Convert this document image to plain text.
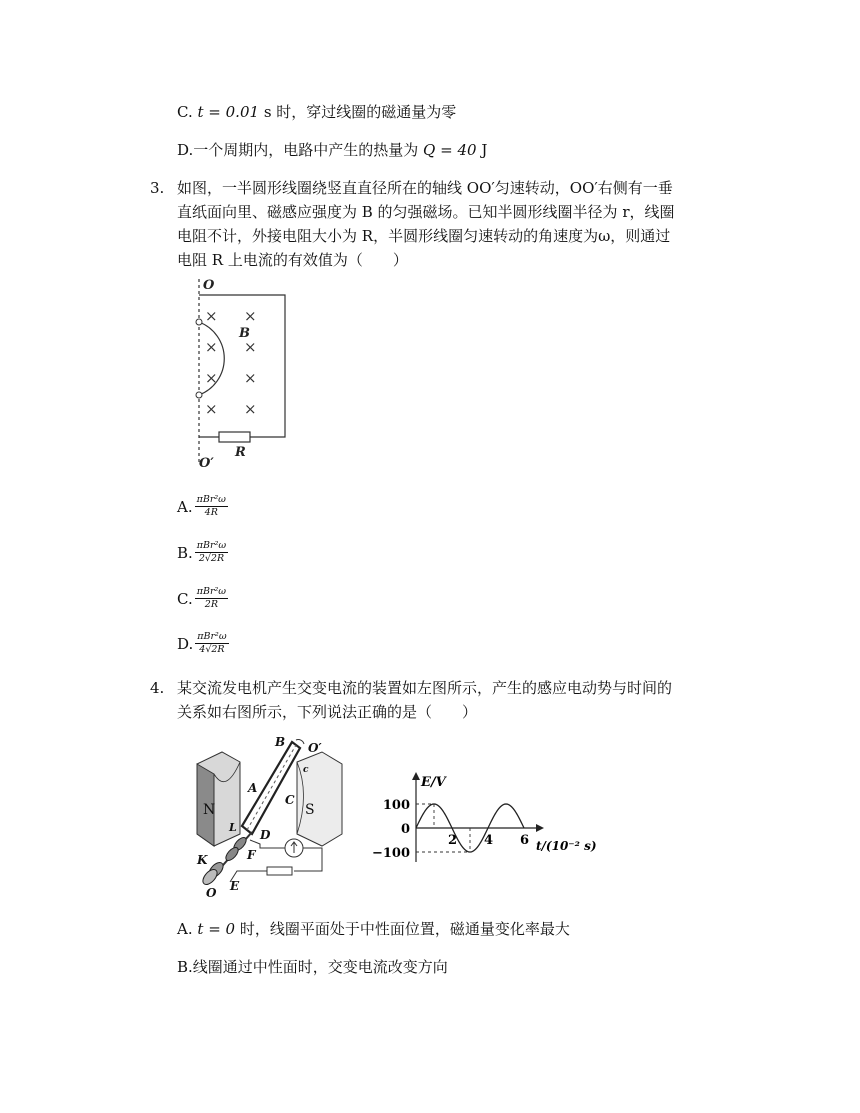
C. t = 0.01 s 时，穿过线圈的磁通量为零
D.一个周期内，电路中产生的热量为 Q = 40 J
3. 如图，一半圆形线圈绕竖直直径所在的轴线 OO′匀速转动，OO′右侧有一垂
直纸面向里、磁感应强度为 B 的匀强磁场。已知半圆形线圈半径为 r，线圈
电阻不计，外接电阻大小为 R，半圆形线圈匀速转动的角速度为ω，则通过
电阻 R 上电流的有效值为（　　）
O
O′
B
R
× ×
× ×
× ×
× ×
A. $\frac{\text{πBr²ω}}{4R}$
B. $\frac{\text{πBr²ω}}{2√2R}$
C. $\frac{\text{πBr²ω}}{2R}$
D. $\frac{\text{πBr²ω}}{4√2R}$
4. 某交流发电机产生交变电流的装置如左图所示，产生的感应电动势与时间的
关系如右图所示，下列说法正确的是（　　）
N	S
B O′
c
A
C
D
L
F
K
O E
E/V
t/(10⁻² s)
2 4 6
100
0
−100
A. t = 0 时，线圈平面处于中性面位置，磁通量变化率最大
B.线圈通过中性面时，交变电流改变方向
